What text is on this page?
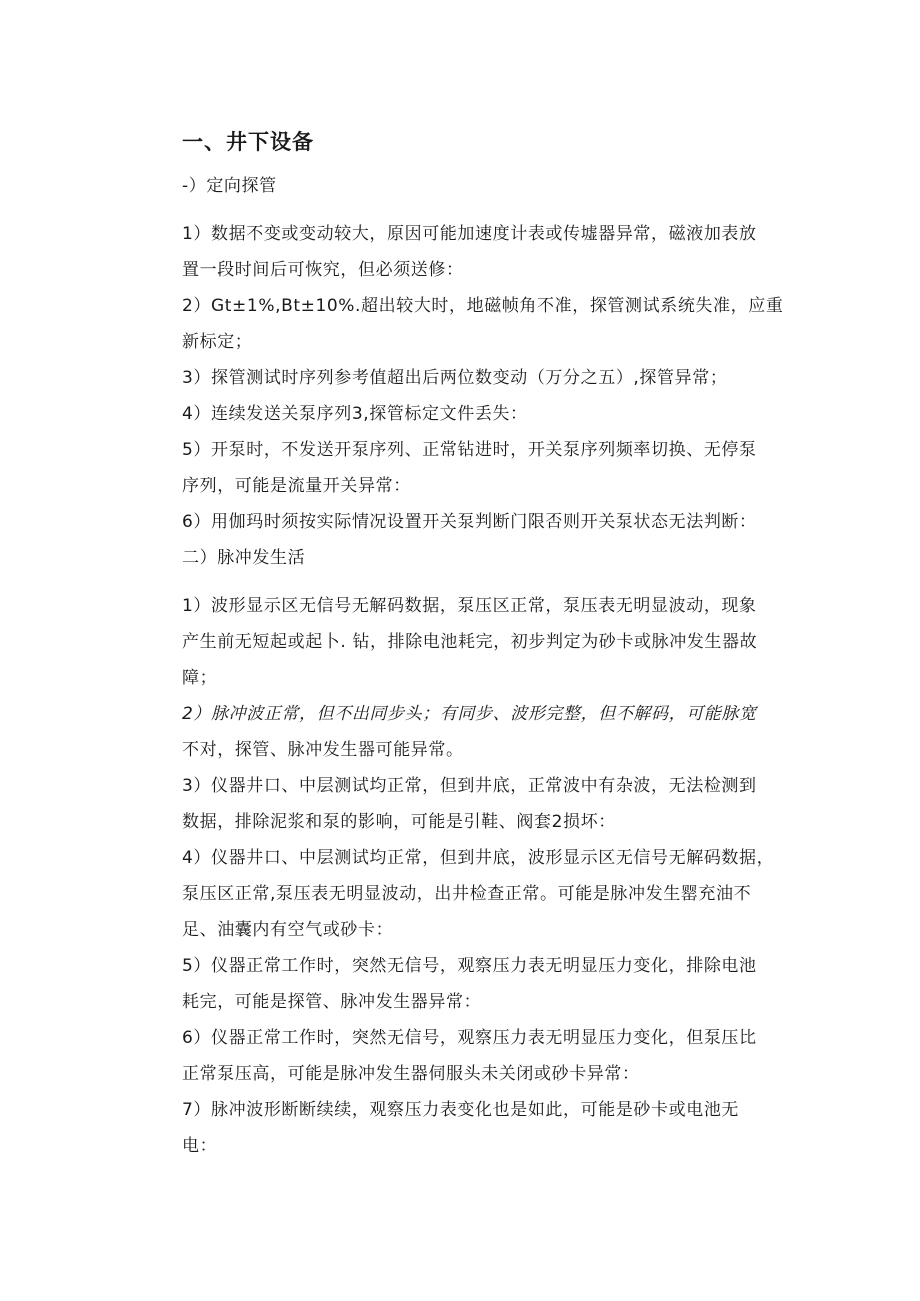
一、井下设备
-）定向探管
1）数据不变或变动较大，原因可能加速度计表或传墟器异常，磁液加表放
置一段时间后可恢究，但必须送修：
2）Gt±1%,Bt±10%.超出较大时，地磁帧角不准，探管测试系统失准，应重
新标定；
3）探管测试时序列参考值超出后两位数变动（万分之五）,探管异常；
4）连续发送关泵序列3,探管标定文件丢失：
5）开泵时，不发送开泵序列、正常钻进时，开关泵序列频率切换、无停泵
序列，可能是流量开关异常：
6）用伽玛时须按实际情况设置开关泵判断门限否则开关泵状态无法判断：
二）脉冲发生活
1）波形显示区无信号无解码数据，泵压区正常，泵压表无明显波动，现象
产生前无短起或起卜. 钻，排除电池耗完，初步判定为砂卡或脉冲发生器故
障；
2）脉冲波正常，但不出同步头；有同步、波形完整，但不解码，可能脉宽
不对，探管、脉冲发生器可能异常。
3）仪器井口、中层测试均正常，但到井底，正常波中有杂波，无法检测到
数据，排除泥浆和泵的影响，可能是引鞋、阀套2损坏：
4）仪器井口、中层测试均正常，但到井底，波形显示区无信号无解码数据，
泵压区正常,泵压表无明显波动，出井检查正常。可能是脉冲发生罂充油不
足、油囊内有空气或砂卡：
5）仪器正常工作时，突然无信号，观察压力表无明显压力变化，排除电池
耗完，可能是探管、脉冲发生器异常：
6）仪器正常工作时，突然无信号，观察压力表无明显压力变化，但泵压比
正常泵压高，可能是脉冲发生器伺服头未关闭或砂卡异常：
7）脉冲波形断断续续，观察压力表变化也是如此，可能是砂卡或电池无
电：
